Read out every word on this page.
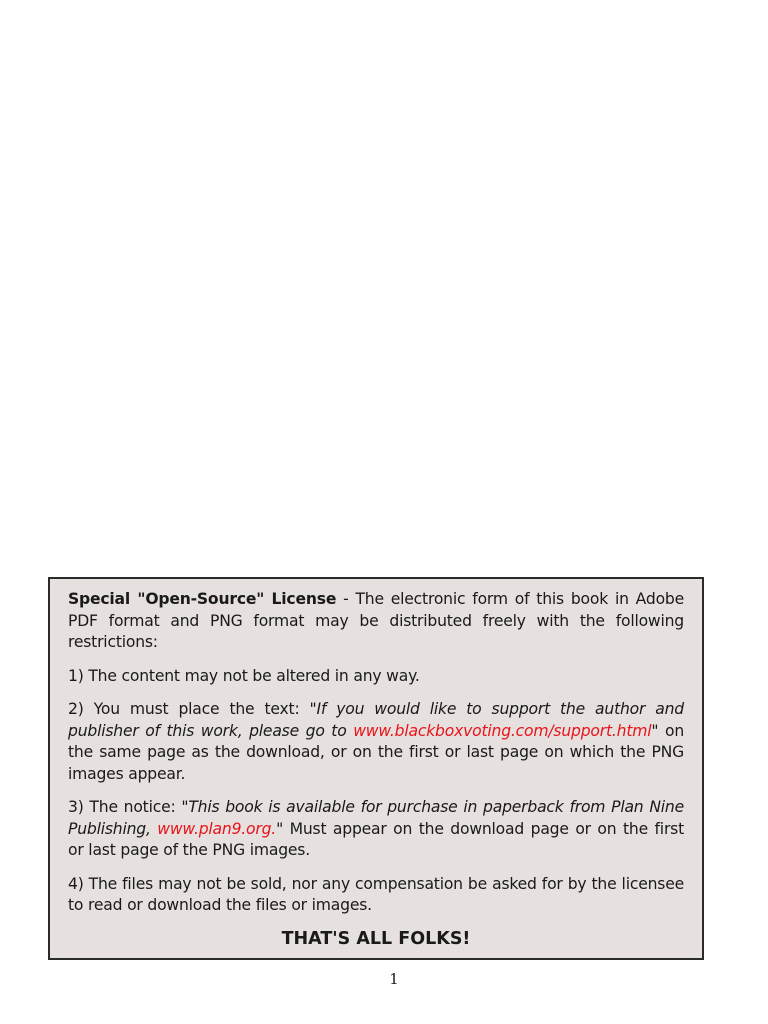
Special "Open-Source" License - The electronic form of this book in Adobe PDF format and PNG format may be distributed freely with the following restrictions:

1) The content may not be altered in any way.

2) You must place the text: "If you would like to support the author and publisher of this work, please go to www.blackboxvoting.com/support.html" on the same page as the download, or on the first or last page on which the PNG images appear.

3) The notice: "This book is available for purchase in paperback from Plan Nine Publishing, www.plan9.org." Must appear on the download page or on the first or last page of the PNG images.

4) The files may not be sold, nor any compensation be asked for by the licensee to read or download the files or images.

THAT'S ALL FOLKS!

1
